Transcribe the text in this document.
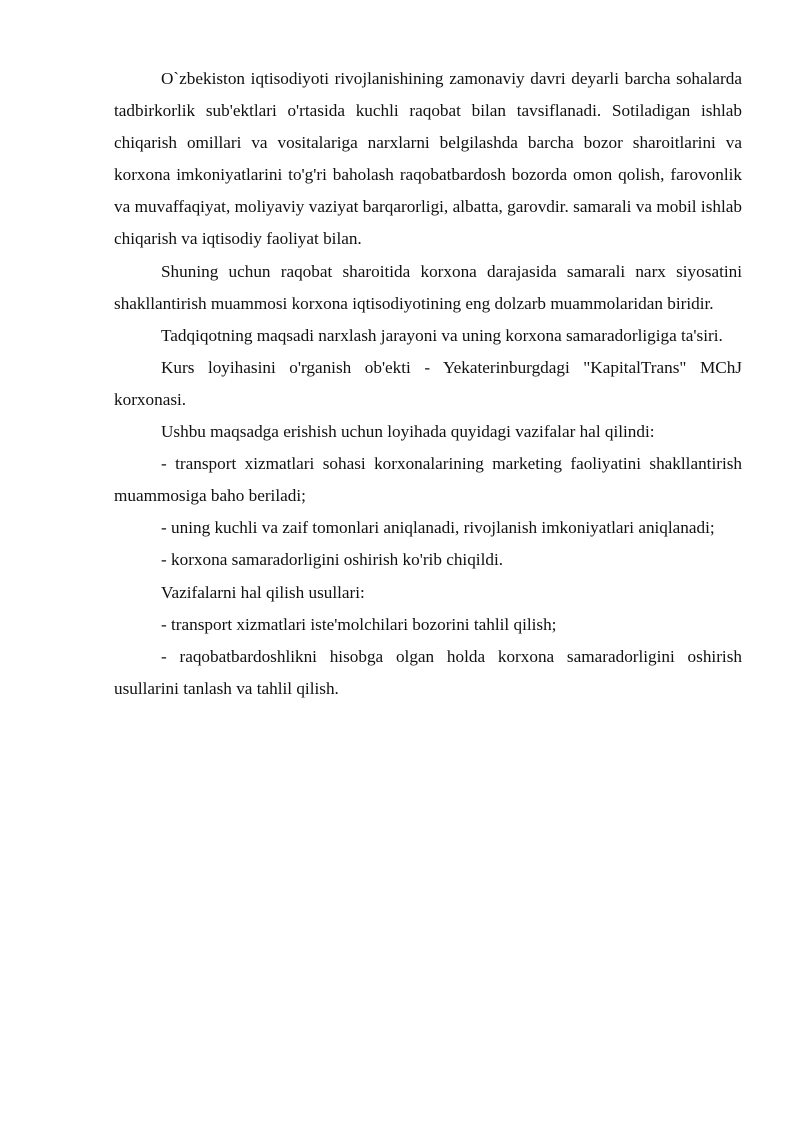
O`zbekiston iqtisodiyoti rivojlanishining zamonaviy davri deyarli barcha sohalarda tadbirkorlik sub'ektlari o'rtasida kuchli raqobat bilan tavsiflanadi. Sotiladigan ishlab chiqarish omillari va vositalariga narxlarni belgilashda barcha bozor sharoitlarini va korxona imkoniyatlarini to'g'ri baholash raqobatbardosh bozorda omon qolish, farovonlik va muvaffaqiyat, moliyaviy vaziyat barqarorligi, albatta, garovdir. samarali va mobil ishlab chiqarish va iqtisodiy faoliyat bilan.

Shuning uchun raqobat sharoitida korxona darajasida samarali narx siyosatini shakllantirish muammosi korxona iqtisodiyotining eng dolzarb muammolaridan biridir.

Tadqiqotning maqsadi narxlash jarayoni va uning korxona samaradorligiga ta'siri.

Kurs loyihasini o'rganish ob'ekti - Yekaterinburgdagi "KapitalTrans" MChJ korxonasi.

Ushbu maqsadga erishish uchun loyihada quyidagi vazifalar hal qilindi:

- transport xizmatlari sohasi korxonalarining marketing faoliyatini shakllantirish muammosiga baho beriladi;

- uning kuchli va zaif tomonlari aniqlanadi, rivojlanish imkoniyatlari aniqlanadi;

- korxona samaradorligini oshirish ko'rib chiqildi.

Vazifalarni hal qilish usullari:

- transport xizmatlari iste'molchilari bozorini tahlil qilish;

- raqobatbardoshlikni hisobga olgan holda korxona samaradorligini oshirish usullarini tanlash va tahlil qilish.
